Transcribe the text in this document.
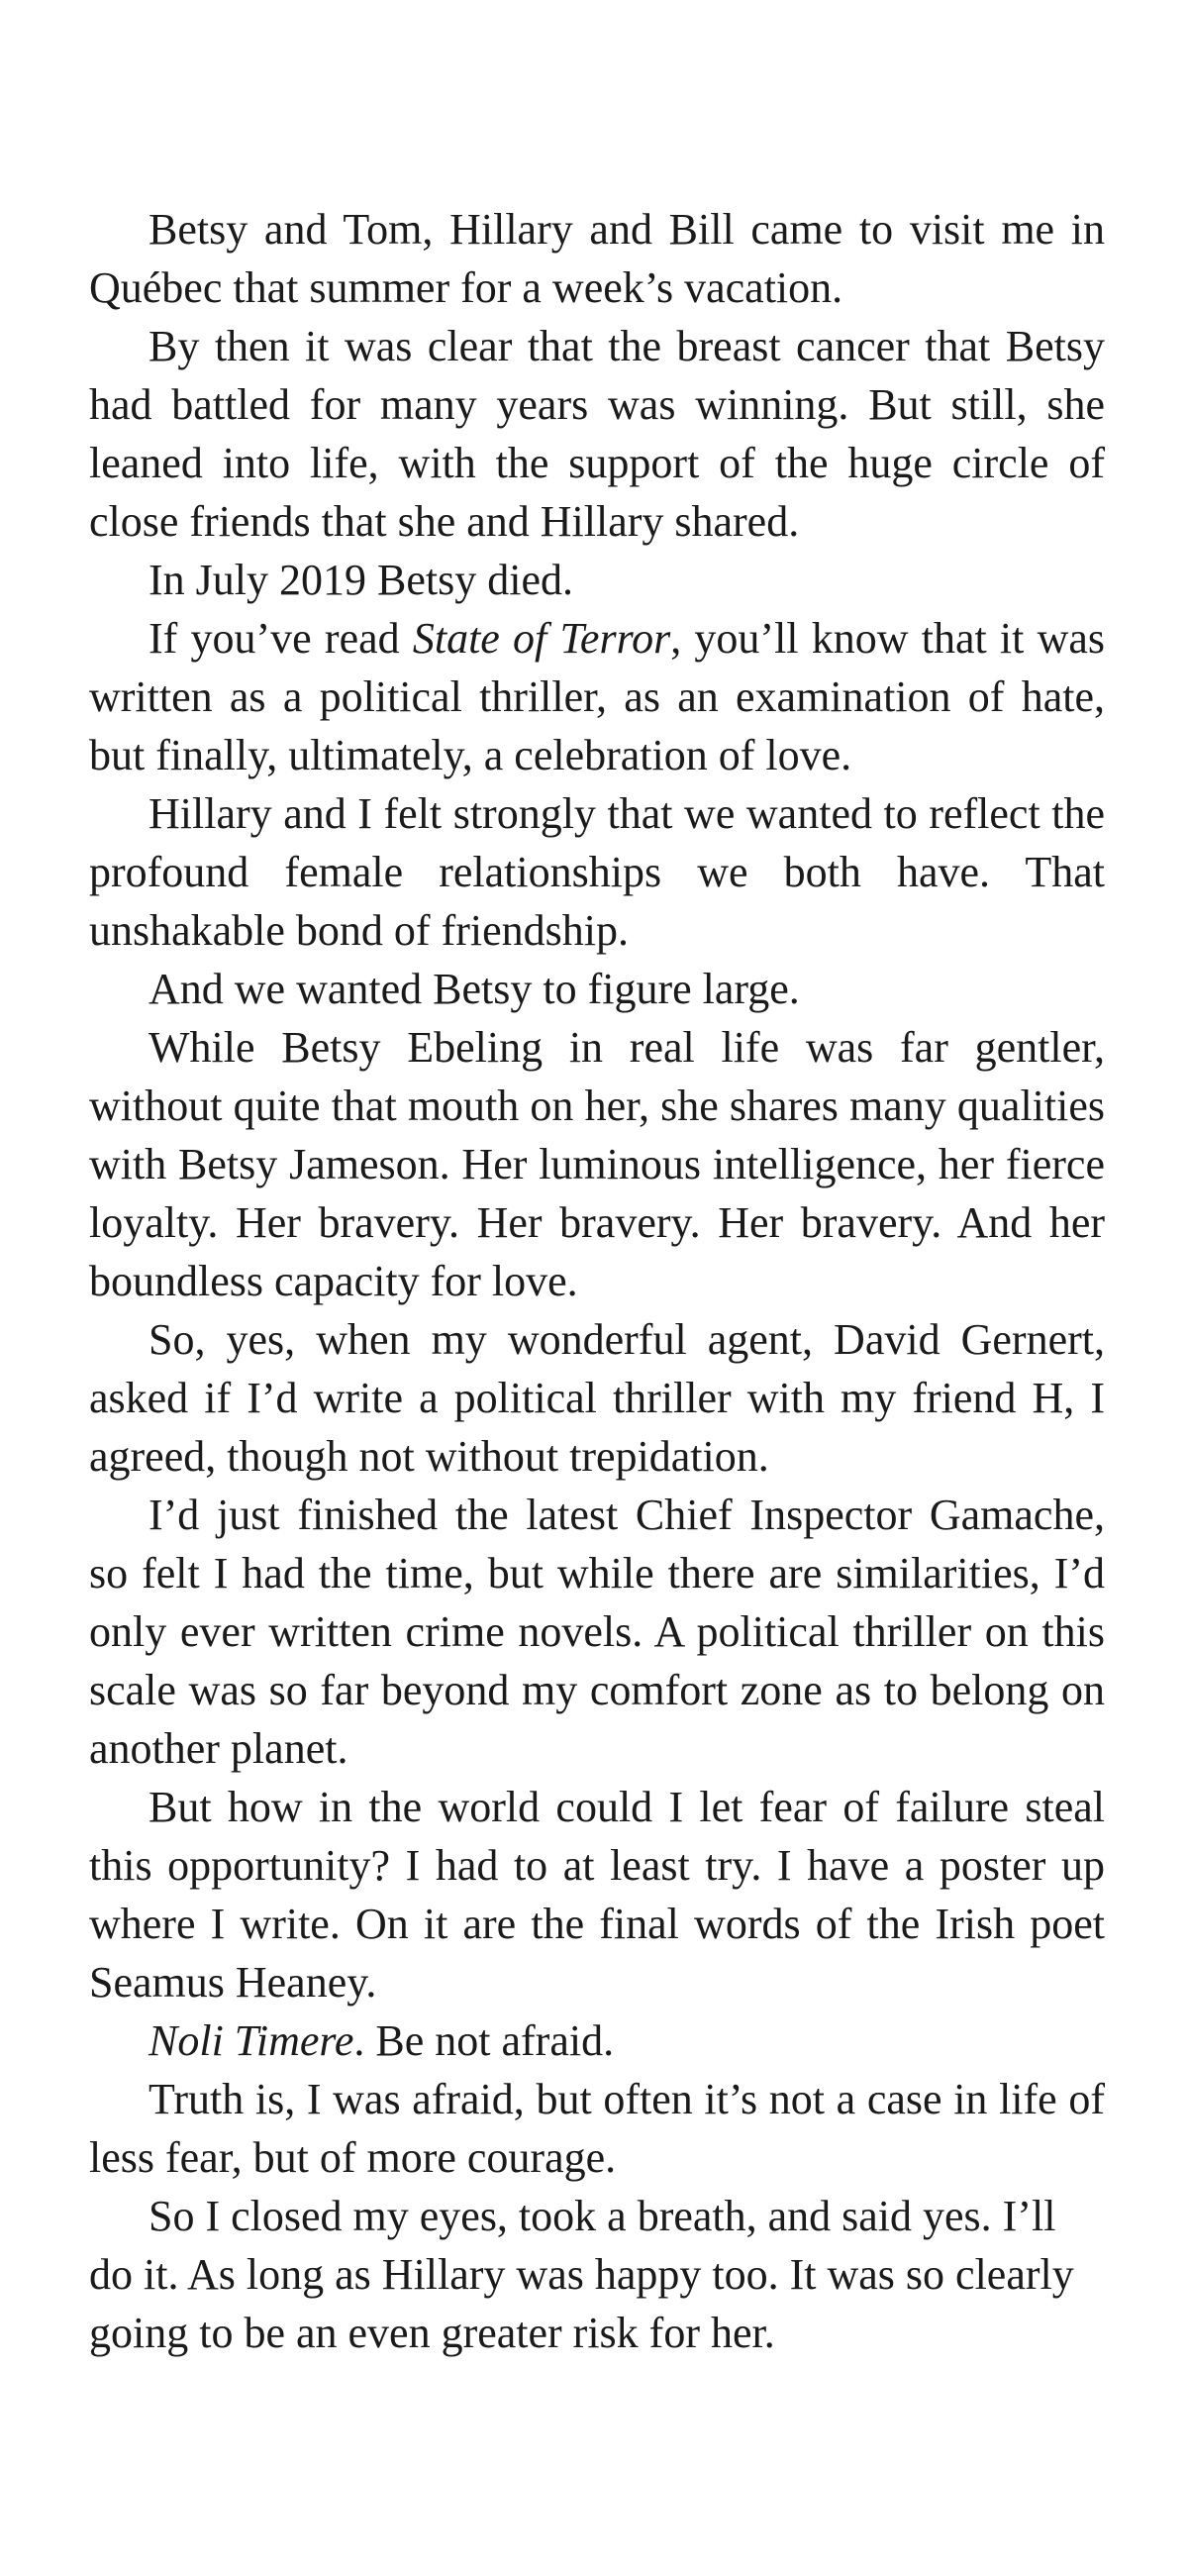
Betsy and Tom, Hillary and Bill came to visit me in Québec that summer for a week’s vacation.

By then it was clear that the breast cancer that Betsy had battled for many years was winning. But still, she leaned into life, with the support of the huge circle of close friends that she and Hillary shared.

In July 2019 Betsy died.

If you’ve read State of Terror, you’ll know that it was written as a political thriller, as an examination of hate, but finally, ultimately, a celebration of love.

Hillary and I felt strongly that we wanted to reflect the profound female relationships we both have. That unshakable bond of friendship.

And we wanted Betsy to figure large.

While Betsy Ebeling in real life was far gentler, without quite that mouth on her, she shares many qualities with Betsy Jameson. Her luminous intelligence, her fierce loyalty. Her bravery. Her bravery. Her bravery. And her boundless capacity for love.

So, yes, when my wonderful agent, David Gernert, asked if I’d write a political thriller with my friend H, I agreed, though not without trepidation.

I’d just finished the latest Chief Inspector Gamache, so felt I had the time, but while there are similarities, I’d only ever written crime novels. A political thriller on this scale was so far beyond my comfort zone as to belong on another planet.

But how in the world could I let fear of failure steal this opportunity? I had to at least try. I have a poster up where I write. On it are the final words of the Irish poet Seamus Heaney.

Noli Timere. Be not afraid.

Truth is, I was afraid, but often it’s not a case in life of less fear, but of more courage.

So I closed my eyes, took a breath, and said yes. I’ll do it. As long as Hillary was happy too. It was so clearly going to be an even greater risk for her.
